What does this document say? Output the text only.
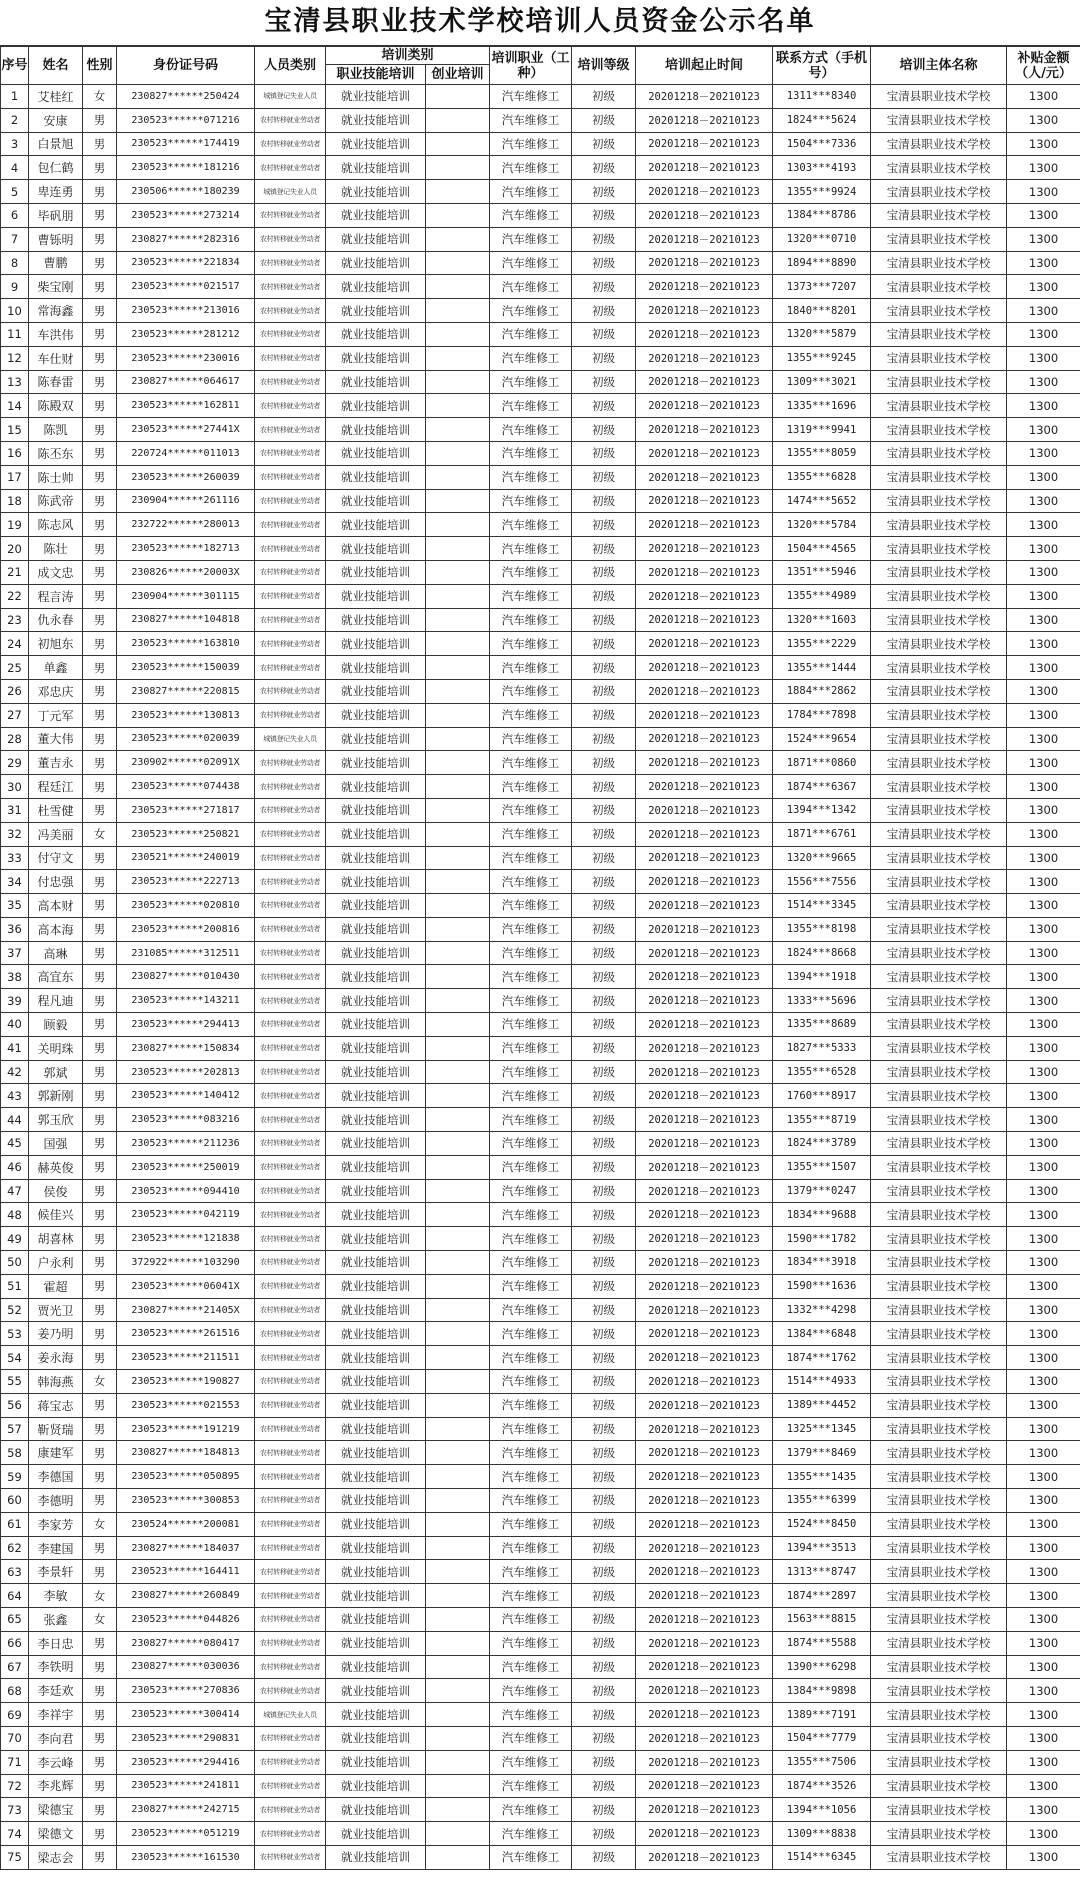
宝清县职业技术学校培训人员资金公示名单
序号	姓名	性别	身份证号码	人员类别	培训类别		培训职业（工种）	培训等级	培训起止时间	联系方式（手机号）	培训主体名称	补贴金额（人/元）
					职业技能培训	创业培训						
1	艾桂红	女	230827******250424	城镇登记失业人员	就业技能培训		汽车维修工	初级	20201218－20210123	1311***8340	宝清县职业技术学校	1300
2	安康	男	230523******071216	农村转移就业劳动者	就业技能培训		汽车维修工	初级	20201218－20210123	1824***5624	宝清县职业技术学校	1300
3	白景旭	男	230523******174419	农村转移就业劳动者	就业技能培训		汽车维修工	初级	20201218－20210123	1504***7336	宝清县职业技术学校	1300
4	包仁鹤	男	230523******181216	农村转移就业劳动者	就业技能培训		汽车维修工	初级	20201218－20210123	1303***4193	宝清县职业技术学校	1300
5	卑连勇	男	230506******180239	城镇登记失业人员	就业技能培训		汽车维修工	初级	20201218－20210123	1355***9924	宝清县职业技术学校	1300
6	毕矾朋	男	230523******273214	农村转移就业劳动者	就业技能培训		汽车维修工	初级	20201218－20210123	1384***8786	宝清县职业技术学校	1300
7	曹铄明	男	230827******282316	农村转移就业劳动者	就业技能培训		汽车维修工	初级	20201218－20210123	1320***0710	宝清县职业技术学校	1300
8	曹鹏	男	230523******221834	农村转移就业劳动者	就业技能培训		汽车维修工	初级	20201218－20210123	1894***8890	宝清县职业技术学校	1300
9	柴宝刚	男	230523******021517	农村转移就业劳动者	就业技能培训		汽车维修工	初级	20201218－20210123	1373***7207	宝清县职业技术学校	1300
10	常海鑫	男	230523******213016	农村转移就业劳动者	就业技能培训		汽车维修工	初级	20201218－20210123	1840***8201	宝清县职业技术学校	1300
11	车洪伟	男	230523******281212	农村转移就业劳动者	就业技能培训		汽车维修工	初级	20201218－20210123	1320***5879	宝清县职业技术学校	1300
12	车仕财	男	230523******230016	农村转移就业劳动者	就业技能培训		汽车维修工	初级	20201218－20210123	1355***9245	宝清县职业技术学校	1300
13	陈春雷	男	230827******064617	农村转移就业劳动者	就业技能培训		汽车维修工	初级	20201218－20210123	1309***3021	宝清县职业技术学校	1300
14	陈殿双	男	230523******162811	农村转移就业劳动者	就业技能培训		汽车维修工	初级	20201218－20210123	1335***1696	宝清县职业技术学校	1300
15	陈凯	男	230523******27441X	农村转移就业劳动者	就业技能培训		汽车维修工	初级	20201218－20210123	1319***9941	宝清县职业技术学校	1300
16	陈丕东	男	220724******011013	农村转移就业劳动者	就业技能培训		汽车维修工	初级	20201218－20210123	1355***8059	宝清县职业技术学校	1300
17	陈士帅	男	230523******260039	农村转移就业劳动者	就业技能培训		汽车维修工	初级	20201218－20210123	1355***6828	宝清县职业技术学校	1300
18	陈武帝	男	230904******261116	农村转移就业劳动者	就业技能培训		汽车维修工	初级	20201218－20210123	1474***5652	宝清县职业技术学校	1300
19	陈志风	男	232722******280013	农村转移就业劳动者	就业技能培训		汽车维修工	初级	20201218－20210123	1320***5784	宝清县职业技术学校	1300
20	陈壮	男	230523******182713	农村转移就业劳动者	就业技能培训		汽车维修工	初级	20201218－20210123	1504***4565	宝清县职业技术学校	1300
21	成文忠	男	230826******20003X	农村转移就业劳动者	就业技能培训		汽车维修工	初级	20201218－20210123	1351***5946	宝清县职业技术学校	1300
22	程言涛	男	230904******301115	农村转移就业劳动者	就业技能培训		汽车维修工	初级	20201218－20210123	1355***4989	宝清县职业技术学校	1300
23	仇永春	男	230827******104818	农村转移就业劳动者	就业技能培训		汽车维修工	初级	20201218－20210123	1320***1603	宝清县职业技术学校	1300
24	初旭东	男	230523******163810	农村转移就业劳动者	就业技能培训		汽车维修工	初级	20201218－20210123	1355***2229	宝清县职业技术学校	1300
25	单鑫	男	230523******150039	农村转移就业劳动者	就业技能培训		汽车维修工	初级	20201218－20210123	1355***1444	宝清县职业技术学校	1300
26	邓忠庆	男	230827******220815	农村转移就业劳动者	就业技能培训		汽车维修工	初级	20201218－20210123	1884***2862	宝清县职业技术学校	1300
27	丁元军	男	230523******130813	农村转移就业劳动者	就业技能培训		汽车维修工	初级	20201218－20210123	1784***7898	宝清县职业技术学校	1300
28	董大伟	男	230523******020039	城镇登记失业人员	就业技能培训		汽车维修工	初级	20201218－20210123	1524***9654	宝清县职业技术学校	1300
29	董吉永	男	230902******02091X	农村转移就业劳动者	就业技能培训		汽车维修工	初级	20201218－20210123	1871***0860	宝清县职业技术学校	1300
30	程廷江	男	230523******074438	农村转移就业劳动者	就业技能培训		汽车维修工	初级	20201218－20210123	1874***6367	宝清县职业技术学校	1300
31	杜雪健	男	230523******271817	农村转移就业劳动者	就业技能培训		汽车维修工	初级	20201218－20210123	1394***1342	宝清县职业技术学校	1300
32	冯美丽	女	230523******250821	农村转移就业劳动者	就业技能培训		汽车维修工	初级	20201218－20210123	1871***6761	宝清县职业技术学校	1300
33	付守文	男	230521******240019	农村转移就业劳动者	就业技能培训		汽车维修工	初级	20201218－20210123	1320***9665	宝清县职业技术学校	1300
34	付忠强	男	230523******222713	农村转移就业劳动者	就业技能培训		汽车维修工	初级	20201218－20210123	1556***7556	宝清县职业技术学校	1300
35	高本财	男	230523******020810	农村转移就业劳动者	就业技能培训		汽车维修工	初级	20201218－20210123	1514***3345	宝清县职业技术学校	1300
36	高本海	男	230523******200816	农村转移就业劳动者	就业技能培训		汽车维修工	初级	20201218－20210123	1355***8198	宝清县职业技术学校	1300
37	高琳	男	231085******312511	农村转移就业劳动者	就业技能培训		汽车维修工	初级	20201218－20210123	1824***8668	宝清县职业技术学校	1300
38	高宜东	男	230827******010430	农村转移就业劳动者	就业技能培训		汽车维修工	初级	20201218－20210123	1394***1918	宝清县职业技术学校	1300
39	程凡迪	男	230523******143211	农村转移就业劳动者	就业技能培训		汽车维修工	初级	20201218－20210123	1333***5696	宝清县职业技术学校	1300
40	顾毅	男	230523******294413	农村转移就业劳动者	就业技能培训		汽车维修工	初级	20201218－20210123	1335***8689	宝清县职业技术学校	1300
41	关明珠	男	230827******150834	农村转移就业劳动者	就业技能培训		汽车维修工	初级	20201218－20210123	1827***5333	宝清县职业技术学校	1300
42	郭斌	男	230523******202813	农村转移就业劳动者	就业技能培训		汽车维修工	初级	20201218－20210123	1355***6528	宝清县职业技术学校	1300
43	郭新刚	男	230523******140412	农村转移就业劳动者	就业技能培训		汽车维修工	初级	20201218－20210123	1760***8917	宝清县职业技术学校	1300
44	郭玉欣	男	230523******083216	农村转移就业劳动者	就业技能培训		汽车维修工	初级	20201218－20210123	1355***8719	宝清县职业技术学校	1300
45	国强	男	230523******211236	农村转移就业劳动者	就业技能培训		汽车维修工	初级	20201218－20210123	1824***3789	宝清县职业技术学校	1300
46	赫英俊	男	230523******250019	农村转移就业劳动者	就业技能培训		汽车维修工	初级	20201218－20210123	1355***1507	宝清县职业技术学校	1300
47	侯俊	男	230523******094410	农村转移就业劳动者	就业技能培训		汽车维修工	初级	20201218－20210123	1379***0247	宝清县职业技术学校	1300
48	候佳兴	男	230523******042119	农村转移就业劳动者	就业技能培训		汽车维修工	初级	20201218－20210123	1834***9688	宝清县职业技术学校	1300
49	胡喜林	男	230523******121838	农村转移就业劳动者	就业技能培训		汽车维修工	初级	20201218－20210123	1590***1782	宝清县职业技术学校	1300
50	户永利	男	372922******103290	农村转移就业劳动者	就业技能培训		汽车维修工	初级	20201218－20210123	1834***3918	宝清县职业技术学校	1300
51	霍超	男	230523******06041X	农村转移就业劳动者	就业技能培训		汽车维修工	初级	20201218－20210123	1590***1636	宝清县职业技术学校	1300
52	贾光卫	男	230827******21405X	农村转移就业劳动者	就业技能培训		汽车维修工	初级	20201218－20210123	1332***4298	宝清县职业技术学校	1300
53	姜乃明	男	230523******261516	农村转移就业劳动者	就业技能培训		汽车维修工	初级	20201218－20210123	1384***6848	宝清县职业技术学校	1300
54	姜永海	男	230523******211511	农村转移就业劳动者	就业技能培训		汽车维修工	初级	20201218－20210123	1874***1762	宝清县职业技术学校	1300
55	韩海燕	女	230523******190827	农村转移就业劳动者	就业技能培训		汽车维修工	初级	20201218－20210123	1514***4933	宝清县职业技术学校	1300
56	蒋宝志	男	230523******021553	农村转移就业劳动者	就业技能培训		汽车维修工	初级	20201218－20210123	1389***4452	宝清县职业技术学校	1300
57	靳贤瑞	男	230523******191219	农村转移就业劳动者	就业技能培训		汽车维修工	初级	20201218－20210123	1325***1345	宝清县职业技术学校	1300
58	康建军	男	230827******184813	农村转移就业劳动者	就业技能培训		汽车维修工	初级	20201218－20210123	1379***8469	宝清县职业技术学校	1300
59	李德国	男	230523******050895	农村转移就业劳动者	就业技能培训		汽车维修工	初级	20201218－20210123	1355***1435	宝清县职业技术学校	1300
60	李德明	男	230523******300853	农村转移就业劳动者	就业技能培训		汽车维修工	初级	20201218－20210123	1355***6399	宝清县职业技术学校	1300
61	李家芳	女	230524******200081	农村转移就业劳动者	就业技能培训		汽车维修工	初级	20201218－20210123	1524***8450	宝清县职业技术学校	1300
62	李建国	男	230827******184037	农村转移就业劳动者	就业技能培训		汽车维修工	初级	20201218－20210123	1394***3513	宝清县职业技术学校	1300
63	李景轩	男	230523******164411	农村转移就业劳动者	就业技能培训		汽车维修工	初级	20201218－20210123	1313***8747	宝清县职业技术学校	1300
64	李敏	女	230827******260849	农村转移就业劳动者	就业技能培训		汽车维修工	初级	20201218－20210123	1874***2897	宝清县职业技术学校	1300
65	张鑫	女	230523******044826	农村转移就业劳动者	就业技能培训		汽车维修工	初级	20201218－20210123	1563***8815	宝清县职业技术学校	1300
66	李日忠	男	230827******080417	农村转移就业劳动者	就业技能培训		汽车维修工	初级	20201218－20210123	1874***5588	宝清县职业技术学校	1300
67	李铁明	男	230827******030036	农村转移就业劳动者	就业技能培训		汽车维修工	初级	20201218－20210123	1390***6298	宝清县职业技术学校	1300
68	李廷欢	男	230523******270836	农村转移就业劳动者	就业技能培训		汽车维修工	初级	20201218－20210123	1384***9898	宝清县职业技术学校	1300
69	李祥宇	男	230523******300414	城镇登记失业人员	就业技能培训		汽车维修工	初级	20201218－20210123	1389***7191	宝清县职业技术学校	1300
70	李向君	男	230523******290831	农村转移就业劳动者	就业技能培训		汽车维修工	初级	20201218－20210123	1504***7779	宝清县职业技术学校	1300
71	李云峰	男	230523******294416	农村转移就业劳动者	就业技能培训		汽车维修工	初级	20201218－20210123	1355***7506	宝清县职业技术学校	1300
72	李兆辉	男	230523******241811	农村转移就业劳动者	就业技能培训		汽车维修工	初级	20201218－20210123	1874***3526	宝清县职业技术学校	1300
73	梁德宝	男	230827******242715	农村转移就业劳动者	就业技能培训		汽车维修工	初级	20201218－20210123	1394***1056	宝清县职业技术学校	1300
74	梁德文	男	230523******051219	农村转移就业劳动者	就业技能培训		汽车维修工	初级	20201218－20210123	1309***8838	宝清县职业技术学校	1300
75	梁志会	男	230523******161530	农村转移就业劳动者	就业技能培训		汽车维修工	初级	20201218－20210123	1514***6345	宝清县职业技术学校	1300
